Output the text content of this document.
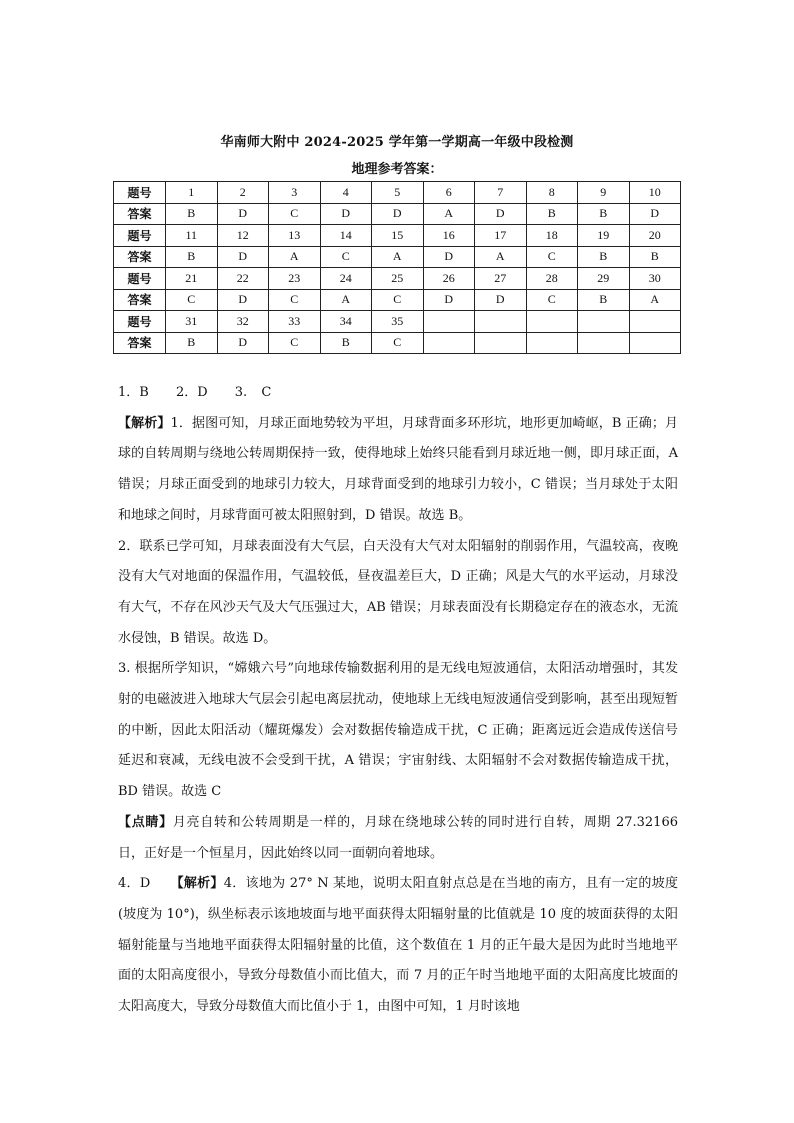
华南师大附中 2024-2025 学年第一学期高一年级中段检测
地理参考答案：
题号	1	2	3	4	5	6	7	8	9	10
答案	B	D	C	D	D	A	D	B	B	D
题号	11	12	13	14	15	16	17	18	19	20
答案	B	D	A	C	A	D	A	C	B	B
题号	21	22	23	24	25	26	27	28	29	30
答案	C	D	C	A	C	D	D	C	B	A
题号	31	32	33	34	35					
答案	B	D	C	B	C					

1．B　 2．D　 3. C

【解析】1．据图可知，月球正面地势较为平坦，月球背面多环形坑，地形更加崎岖，B 正确；月球的自转周期与绕地公转周期保持一致，使得地球上始终只能看到月球近地一侧，即月球正面，A 错误；月球正面受到的地球引力较大，月球背面受到的地球引力较小，C 错误；当月球处于太阳和地球之间时，月球背面可被太阳照射到，D 错误。故选 B。

2．联系已学可知，月球表面没有大气层，白天没有大气对太阳辐射的削弱作用，气温较高，夜晚没有大气对地面的保温作用，气温较低，昼夜温差巨大，D 正确；风是大气的水平运动，月球没有大气，不存在风沙天气及大气压强过大，AB 错误；月球表面没有长期稳定存在的液态水，无流水侵蚀，B 错误。故选 D。

3. 根据所学知识，“嫦娥六号”向地球传输数据利用的是无线电短波通信，太阳活动增强时，其发射的电磁波进入地球大气层会引起电离层扰动，使地球上无线电短波通信受到影响，甚至出现短暂的中断，因此太阳活动（耀斑爆发）会对数据传输造成干扰，C 正确；距离远近会造成传送信号延迟和衰减，无线电波不会受到干扰，A 错误；宇宙射线、太阳辐射不会对数据传输造成干扰，BD 错误。故选 C

【点睛】月亮自转和公转周期是一样的，月球在绕地球公转的同时进行自转，周期 27.32166 日，正好是一个恒星月，因此始终以同一面朝向着地球。

4．D　　【解析】4．该地为 27° N 某地，说明太阳直射点总是在当地的南方，且有一定的坡度(坡度为 10°)，纵坐标表示该地坡面与地平面获得太阳辐射量的比值就是 10 度的坡面获得的太阳辐射能量与当地地平面获得太阳辐射量的比值，这个数值在 1 月的正午最大是因为此时当地地平面的太阳高度很小，导致分母数值小而比值大，而 7 月的正午时当地地平面的太阳高度比坡面的太阳高度大，导致分母数值大而比值小于 1，由图中可知，1 月时该地
